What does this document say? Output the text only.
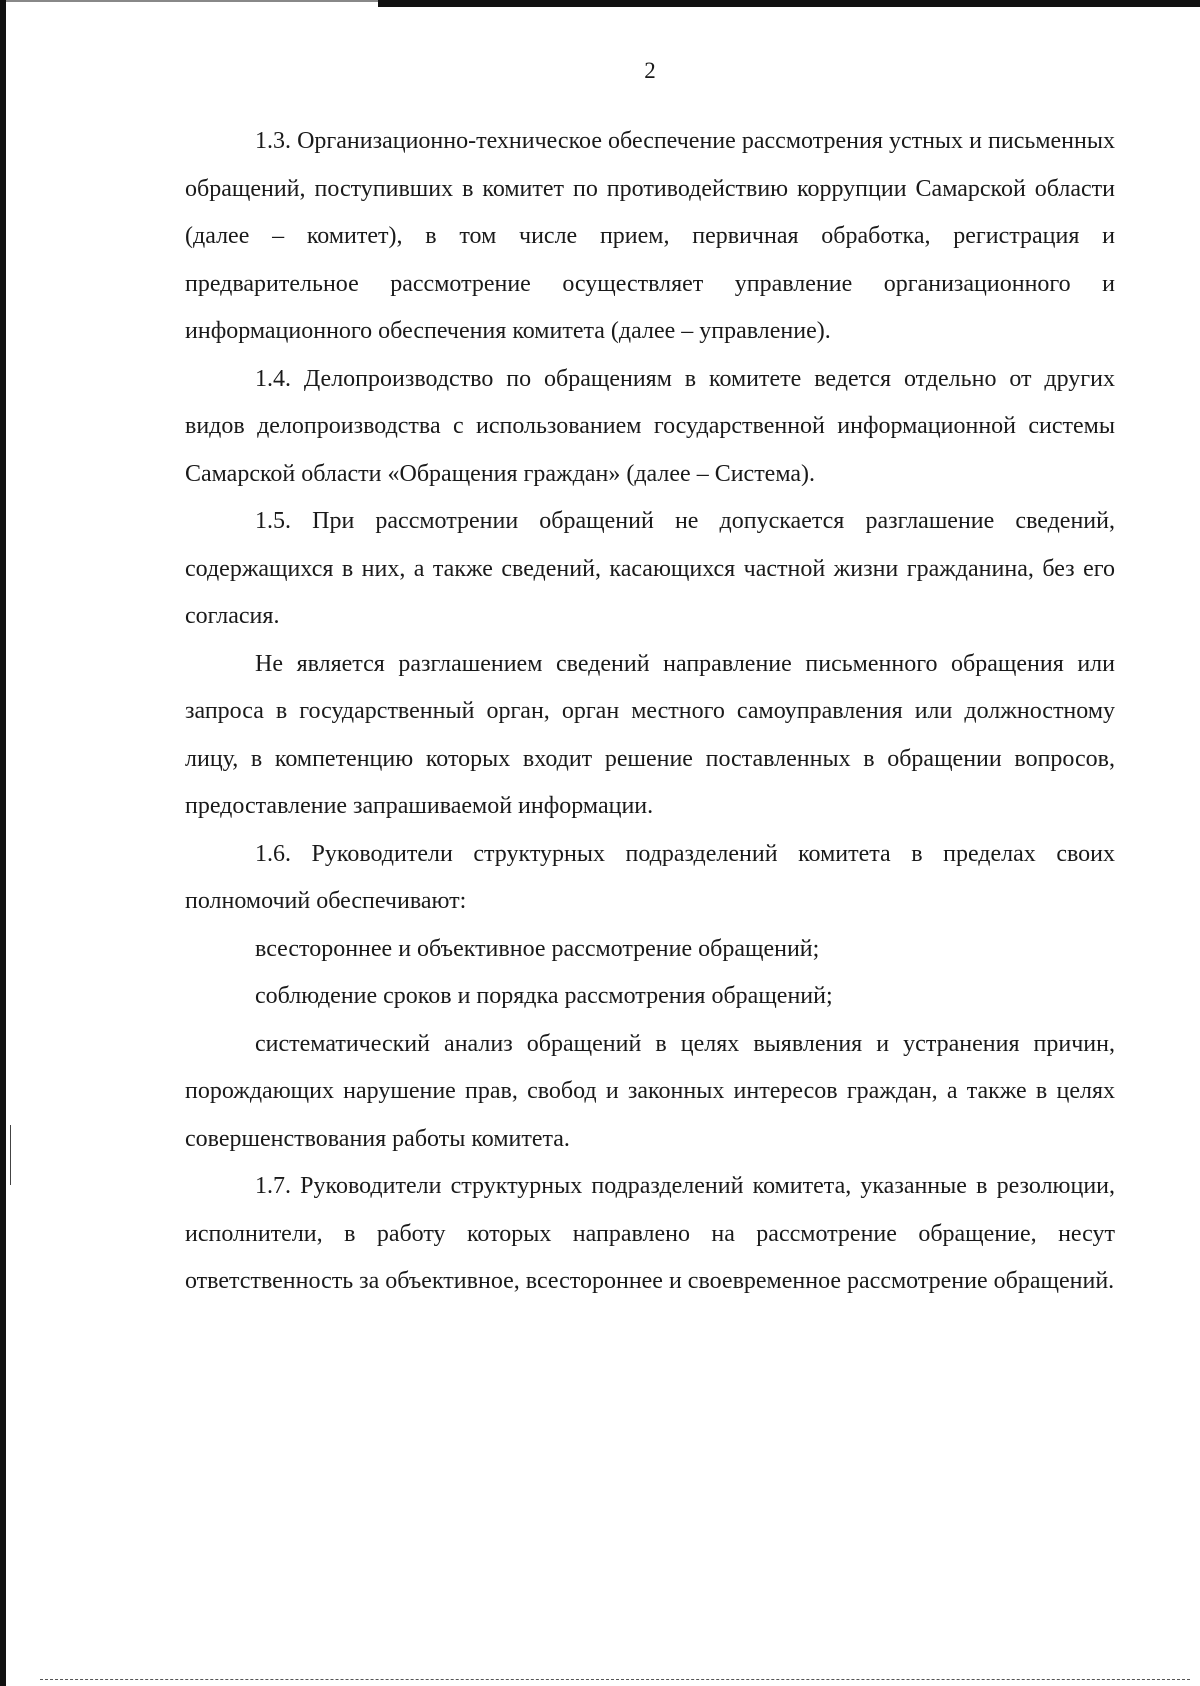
2

1.3. Организационно-техническое обеспечение рассмотрения устных и письменных обращений, поступивших в комитет по противодействию коррупции Самарской области (далее – комитет), в том числе прием, первичная обработка, регистрация и предварительное рассмотрение осуществляет управление организационного и информационного обеспечения комитета (далее – управление).

1.4. Делопроизводство по обращениям в комитете ведется отдельно от других видов делопроизводства с использованием государственной информационной системы Самарской области «Обращения граждан» (далее – Система).

1.5. При рассмотрении обращений не допускается разглашение сведений, содержащихся в них, а также сведений, касающихся частной жизни гражданина, без его согласия.

Не является разглашением сведений направление письменного обращения или запроса в государственный орган, орган местного самоуправления или должностному лицу, в компетенцию которых входит решение поставленных в обращении вопросов, предоставление запрашиваемой информации.

1.6. Руководители структурных подразделений комитета в пределах своих полномочий обеспечивают:

всестороннее и объективное рассмотрение обращений;

соблюдение сроков и порядка рассмотрения обращений;

систематический анализ обращений в целях выявления и устранения причин, порождающих нарушение прав, свобод и законных интересов граждан, а также в целях совершенствования работы комитета.

1.7. Руководители структурных подразделений комитета, указанные в резолюции, исполнители, в работу которых направлено на рассмотрение обращение, несут ответственность за объективное, всестороннее и своевременное рассмотрение обращений.
